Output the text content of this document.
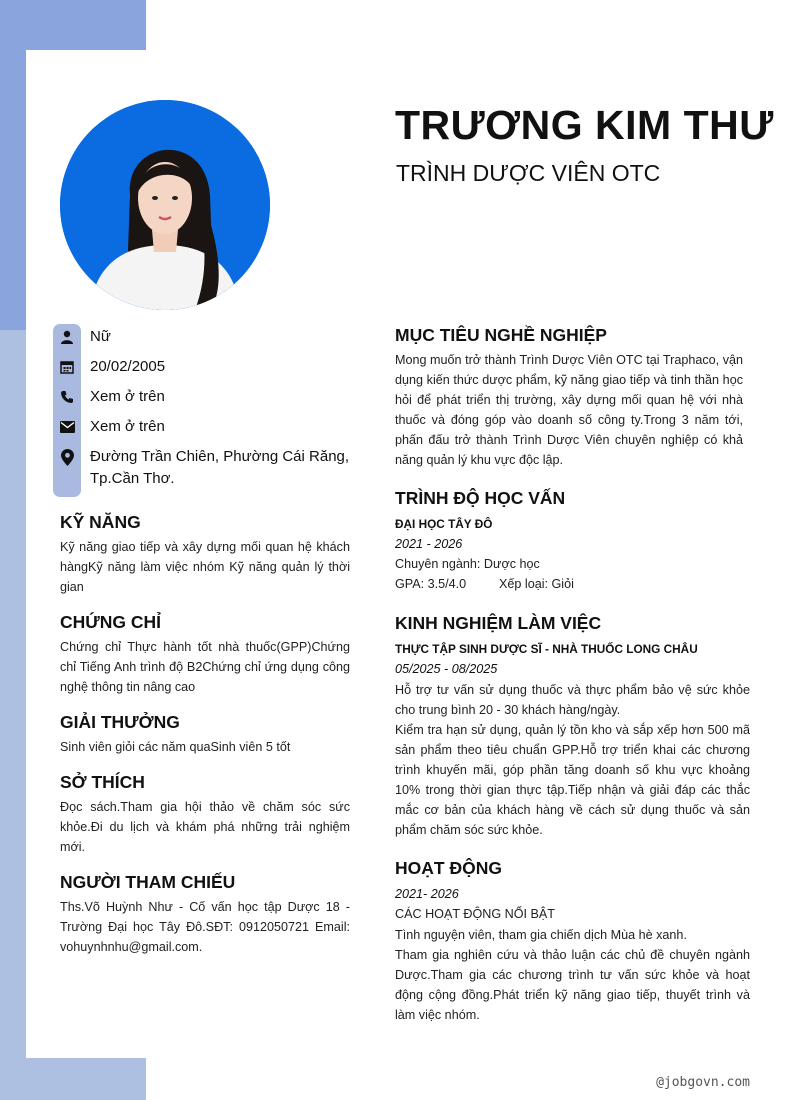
TRƯƠNG KIM THƯ
TRÌNH DƯỢC VIÊN OTC
Nữ
20/02/2005
Xem ở trên
Xem ở trên
Đường Trần Chiên, Phường Cái Răng,
Tp.Cần Thơ.
KỸ NĂNG

Kỹ năng giao tiếp và xây dựng mối quan hệ khách hàngKỹ năng làm việc nhóm Kỹ năng quản lý thời gian

CHỨNG CHỈ

Chứng chỉ Thực hành tốt nhà thuốc(GPP)Chứng chỉ Tiếng Anh trình độ B2Chứng chỉ ứng dụng công nghệ thông tin nâng cao

GIẢI THƯỞNG

Sinh viên giỏi các năm quaSinh viên 5 tốt

SỞ THÍCH

Đọc sách.Tham gia hội thảo về chăm sóc sức khỏe.Đi du lịch và khám phá những trải nghiệm mới.

NGƯỜI THAM CHIẾU

Ths.Võ Huỳnh Như - Cố vấn học tập Dược 18 - Trường Đại học Tây Đô.SĐT: 0912050721 Email: vohuynhnhu@gmail.com.

MỤC TIÊU NGHỀ NGHIỆP

Mong muốn trở thành Trình Dược Viên OTC tại Traphaco, vận dụng kiến thức dược phẩm, kỹ năng giao tiếp và tinh thần học hỏi để phát triển thị trường, xây dựng mối quan hệ với nhà thuốc và đóng góp vào doanh số công ty.Trong 3 năm tới, phấn đấu trở thành Trình Dược Viên chuyên nghiệp có khả năng quản lý khu vực độc lập.

TRÌNH ĐỘ HỌC VẤN
ĐẠI HỌC TÂY ĐÔ
2021 - 2026
Chuyên ngành: Dược học
GPA: 3.5/4.0	Xếp loại: Giỏi
KINH NGHIỆM LÀM VIỆC
THỰC TẬP SINH DƯỢC SĨ - NHÀ THUỐC LONG CHÂU
05/2025 - 08/2025

Hỗ trợ tư vấn sử dụng thuốc và thực phẩm bảo vệ sức khỏe cho trung bình 20 - 30 khách hàng/ngày.

Kiểm tra hạn sử dụng, quản lý tồn kho và sắp xếp hơn 500 mã sản phẩm theo tiêu chuẩn GPP.Hỗ trợ triển khai các chương trình khuyến mãi, góp phần tăng doanh số khu vực khoảng 10% trong thời gian thực tập.Tiếp nhận và giải đáp các thắc mắc cơ bản của khách hàng về cách sử dụng thuốc và sản phẩm chăm sóc sức khỏe.

HOẠT ĐỘNG
2021- 2026
CÁC HOẠT ĐỘNG NỔI BẬT

Tình nguyện viên, tham gia chiến dịch Mùa hè xanh.

Tham gia nghiên cứu và thảo luận các chủ đề chuyên ngành Dược.Tham gia các chương trình tư vấn sức khỏe và hoạt động cộng đồng.Phát triển kỹ năng giao tiếp, thuyết trình và làm việc nhóm.

@jobgovn.com
